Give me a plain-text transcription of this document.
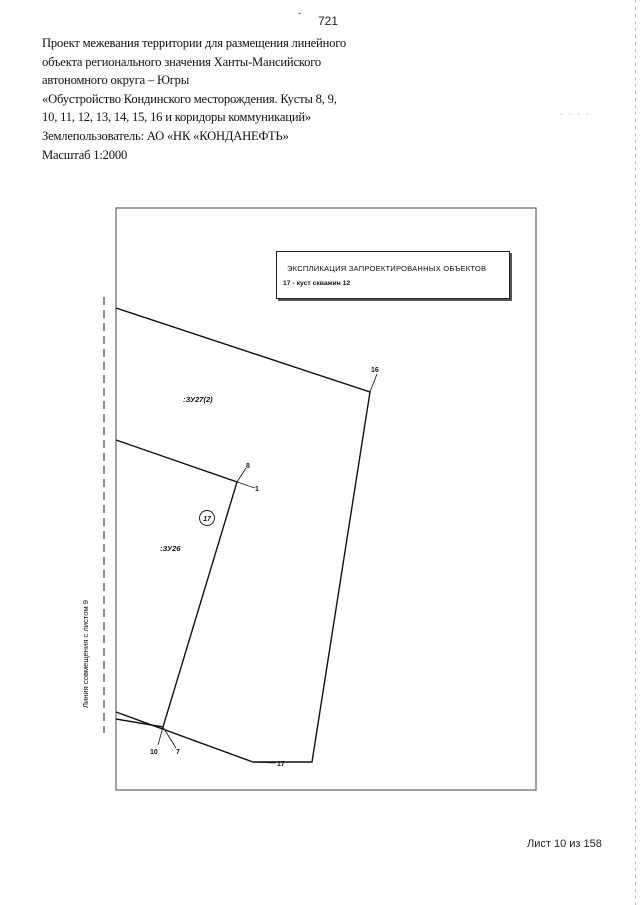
ˇ 721
Проект межевания территории для размещения линейного
объекта регионального значения Ханты-Мансийского
автономного округа – Югры
«Обустройство Кондинского месторождения. Кусты 8, 9,
10, 11, 12, 13, 14, 15, 16 и коридоры коммуникаций»
Землепользователь: АО «НК «КОНДАНЕФТЬ»
Масштаб 1:2000
16
8
1
10	7
17
:ЗУ27(2)
:ЗУ26
17
Линия совмещения с листом 9
ЭКСПЛИКАЦИЯ ЗАПРОЕКТИРОВАННЫХ ОБЪЕКТОВ
17 - куст скважин 12
· · · ·
Лист 10 из 158
